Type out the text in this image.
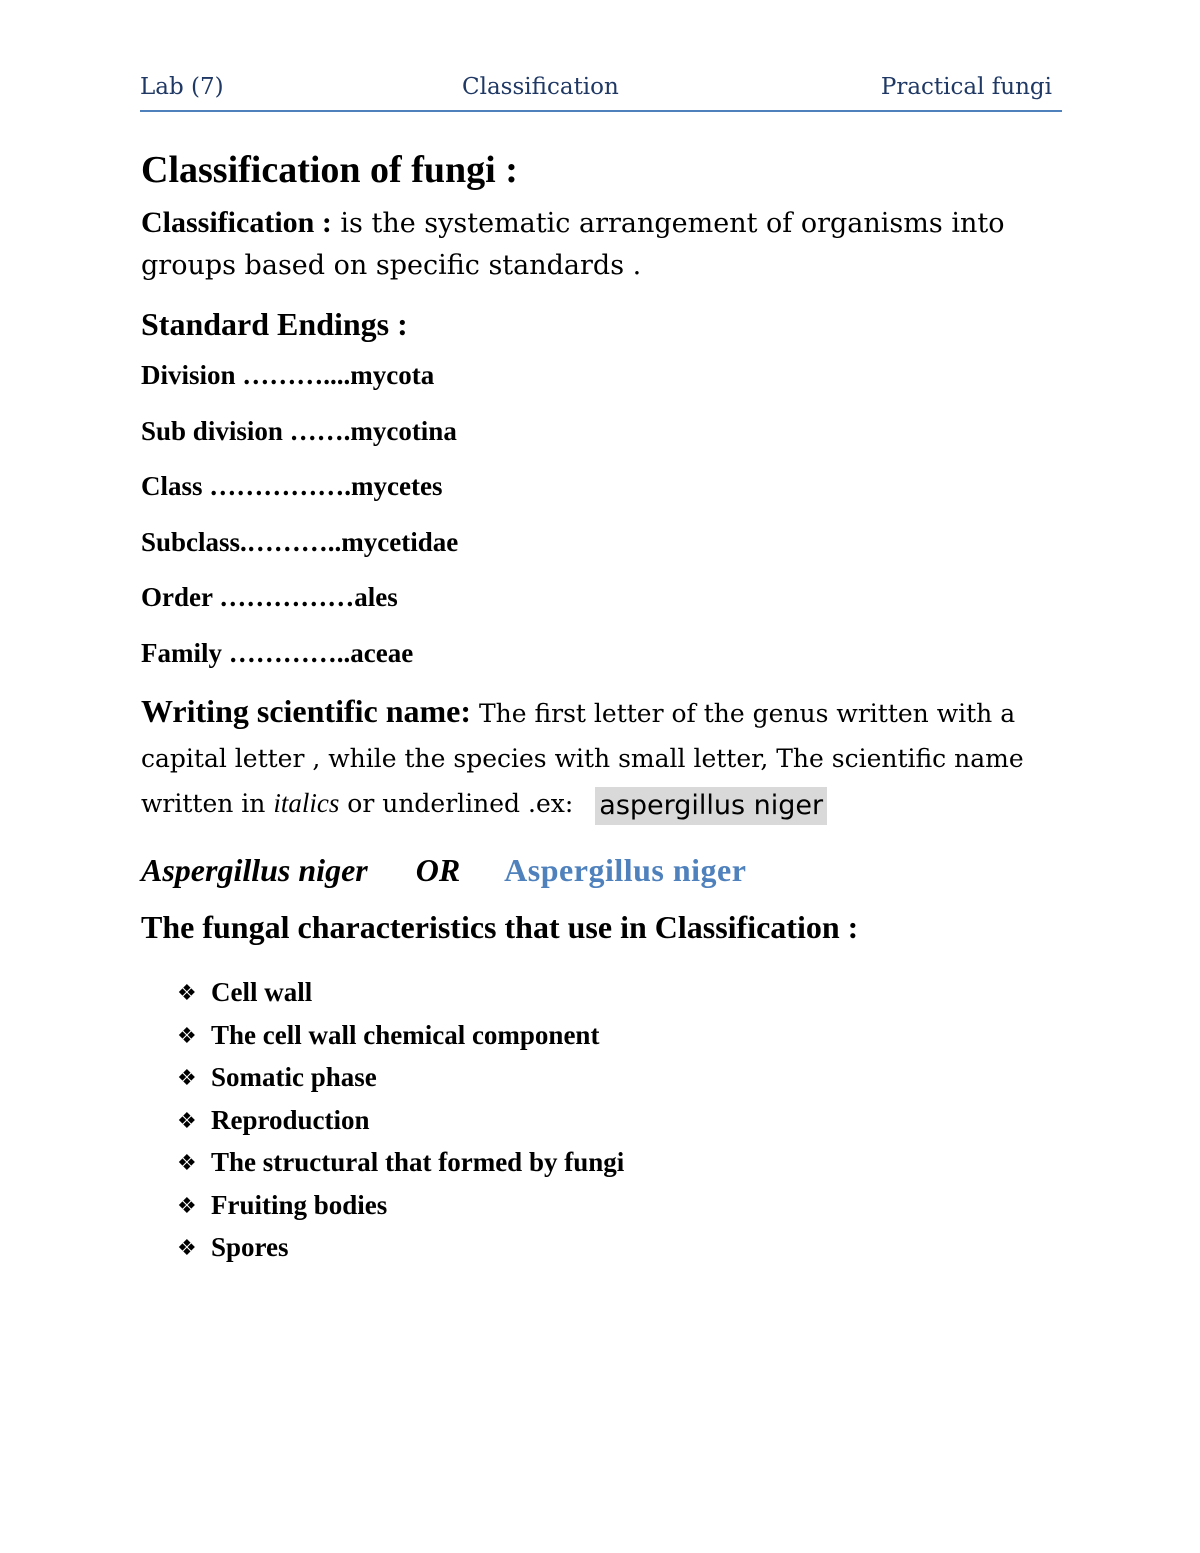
Lab (7)	Classification	Practical fungi
Classification of fungi :

Classification : is the systematic arrangement of organisms into groups based on specific standards .

Standard Endings :
Division ………....mycota
Sub division …….mycotina
Class …………….mycetes
Subclass.………..mycetidae
Order ……………ales
Family …………..aceae

Writing scientific name: The first letter of the genus written with a capital letter , while the species with small letter, The scientific name written in italics or underlined .ex: aspergillus niger

Aspergillus niger OR Aspergillus niger
The fungal characteristics that use in Classification :
❖ Cell wall
❖ The cell wall chemical component
❖ Somatic phase
❖ Reproduction
❖ The structural that formed by fungi
❖ Fruiting bodies
❖ Spores
